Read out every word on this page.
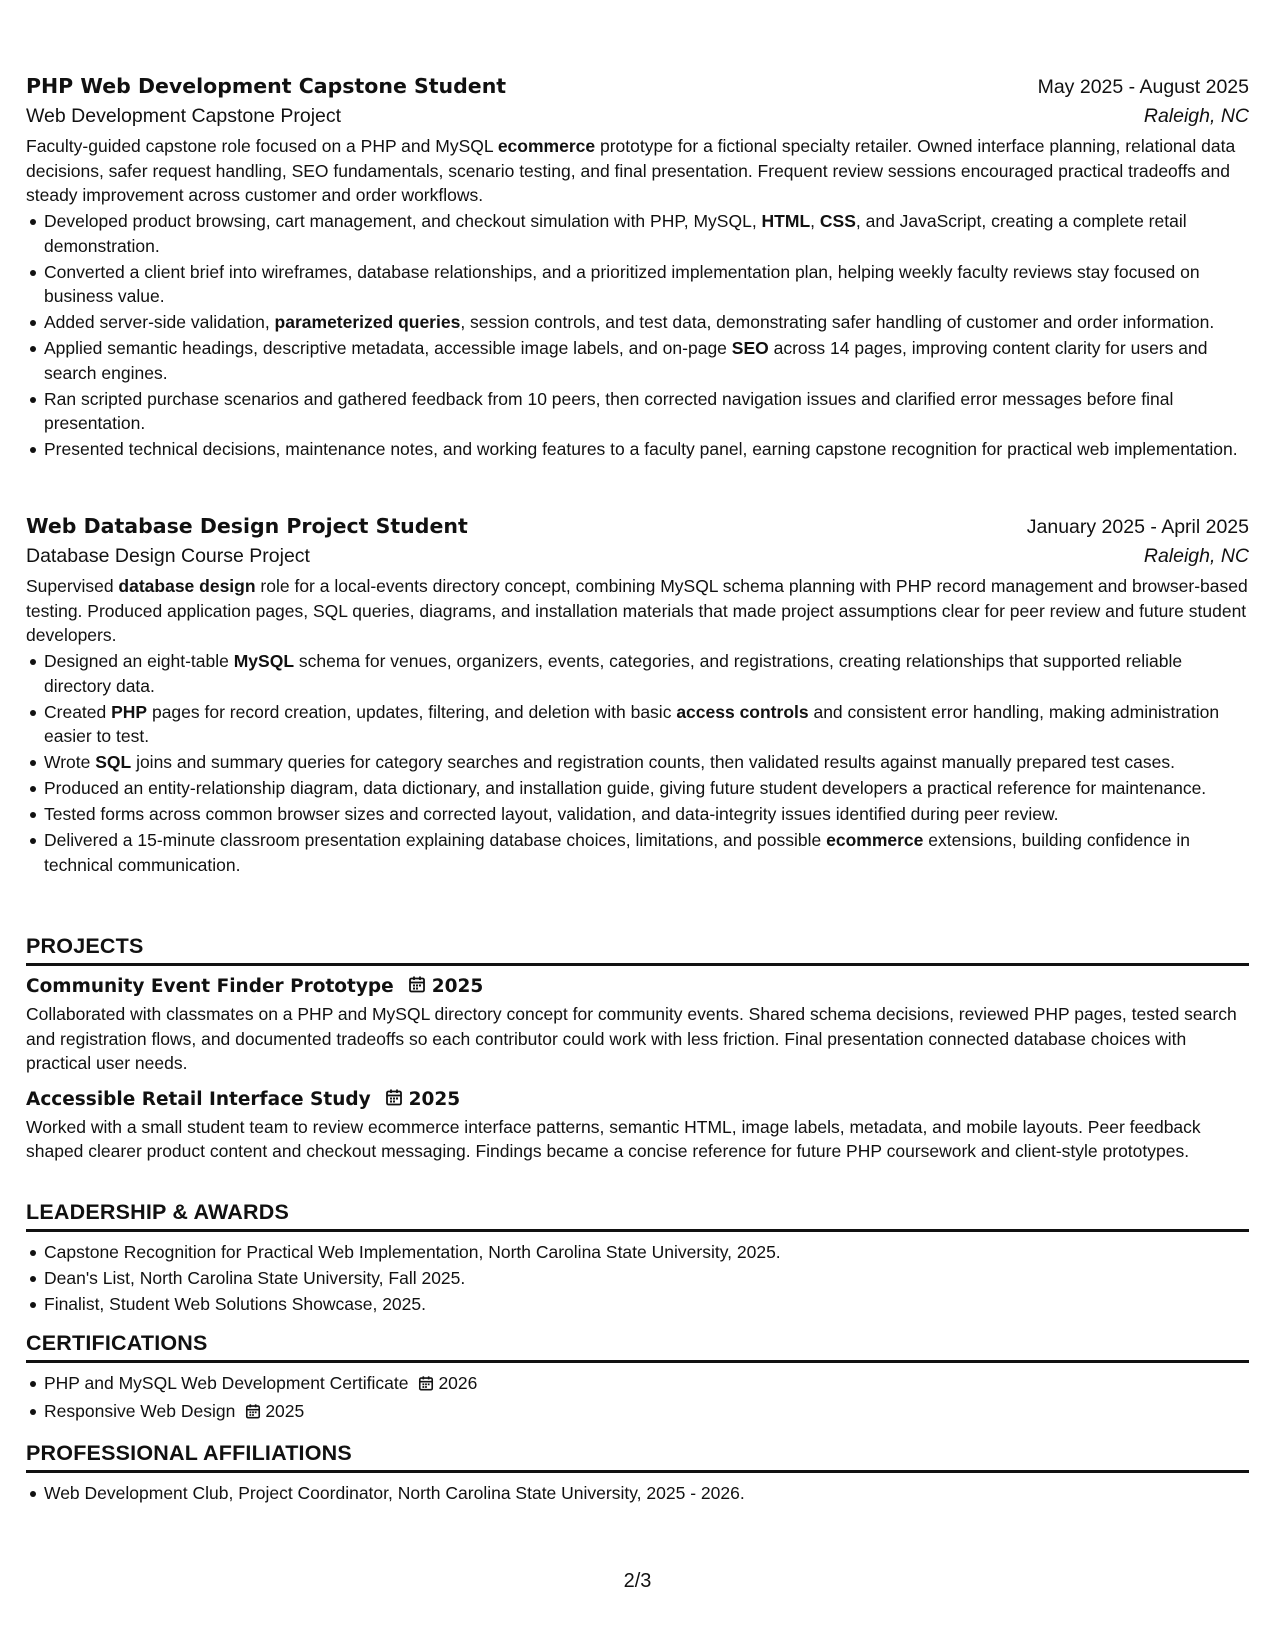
PHP Web Development Capstone Student	May 2025 - August 2025
Web Development Capstone Project	Raleigh, NC
Faculty-guided capstone role focused on a PHP and MySQL ecommerce prototype for a fictional specialty retailer. Owned interface planning, relational data decisions, safer request handling, SEO fundamentals, scenario testing, and final presentation. Frequent review sessions encouraged practical tradeoffs and steady improvement across customer and order workflows.
Developed product browsing, cart management, and checkout simulation with PHP, MySQL, HTML, CSS, and JavaScript, creating a complete retail demonstration.
Converted a client brief into wireframes, database relationships, and a prioritized implementation plan, helping weekly faculty reviews stay focused on business value.
Added server-side validation, parameterized queries, session controls, and test data, demonstrating safer handling of customer and order information.
Applied semantic headings, descriptive metadata, accessible image labels, and on-page SEO across 14 pages, improving content clarity for users and search engines.
Ran scripted purchase scenarios and gathered feedback from 10 peers, then corrected navigation issues and clarified error messages before final presentation.
Presented technical decisions, maintenance notes, and working features to a faculty panel, earning capstone recognition for practical web implementation.
Web Database Design Project Student	January 2025 - April 2025
Database Design Course Project	Raleigh, NC
Supervised database design role for a local-events directory concept, combining MySQL schema planning with PHP record management and browser-based testing. Produced application pages, SQL queries, diagrams, and installation materials that made project assumptions clear for peer review and future student developers.
Designed an eight-table MySQL schema for venues, organizers, events, categories, and registrations, creating relationships that supported reliable directory data.
Created PHP pages for record creation, updates, filtering, and deletion with basic access controls and consistent error handling, making administration easier to test.
Wrote SQL joins and summary queries for category searches and registration counts, then validated results against manually prepared test cases.
Produced an entity-relationship diagram, data dictionary, and installation guide, giving future student developers a practical reference for maintenance.
Tested forms across common browser sizes and corrected layout, validation, and data-integrity issues identified during peer review.
Delivered a 15-minute classroom presentation explaining database choices, limitations, and possible ecommerce extensions, building confidence in technical communication.
PROJECTS
Community Event Finder Prototype 2025
Collaborated with classmates on a PHP and MySQL directory concept for community events. Shared schema decisions, reviewed PHP pages, tested search and registration flows, and documented tradeoffs so each contributor could work with less friction. Final presentation connected database choices with practical user needs.
Accessible Retail Interface Study 2025
Worked with a small student team to review ecommerce interface patterns, semantic HTML, image labels, metadata, and mobile layouts. Peer feedback shaped clearer product content and checkout messaging. Findings became a concise reference for future PHP coursework and client-style prototypes.
LEADERSHIP & AWARDS
Capstone Recognition for Practical Web Implementation, North Carolina State University, 2025.
Dean's List, North Carolina State University, Fall 2025.
Finalist, Student Web Solutions Showcase, 2025.
CERTIFICATIONS
PHP and MySQL Web Development Certificate 2026
Responsive Web Design 2025
PROFESSIONAL AFFILIATIONS
Web Development Club, Project Coordinator, North Carolina State University, 2025 - 2026.
2/3
